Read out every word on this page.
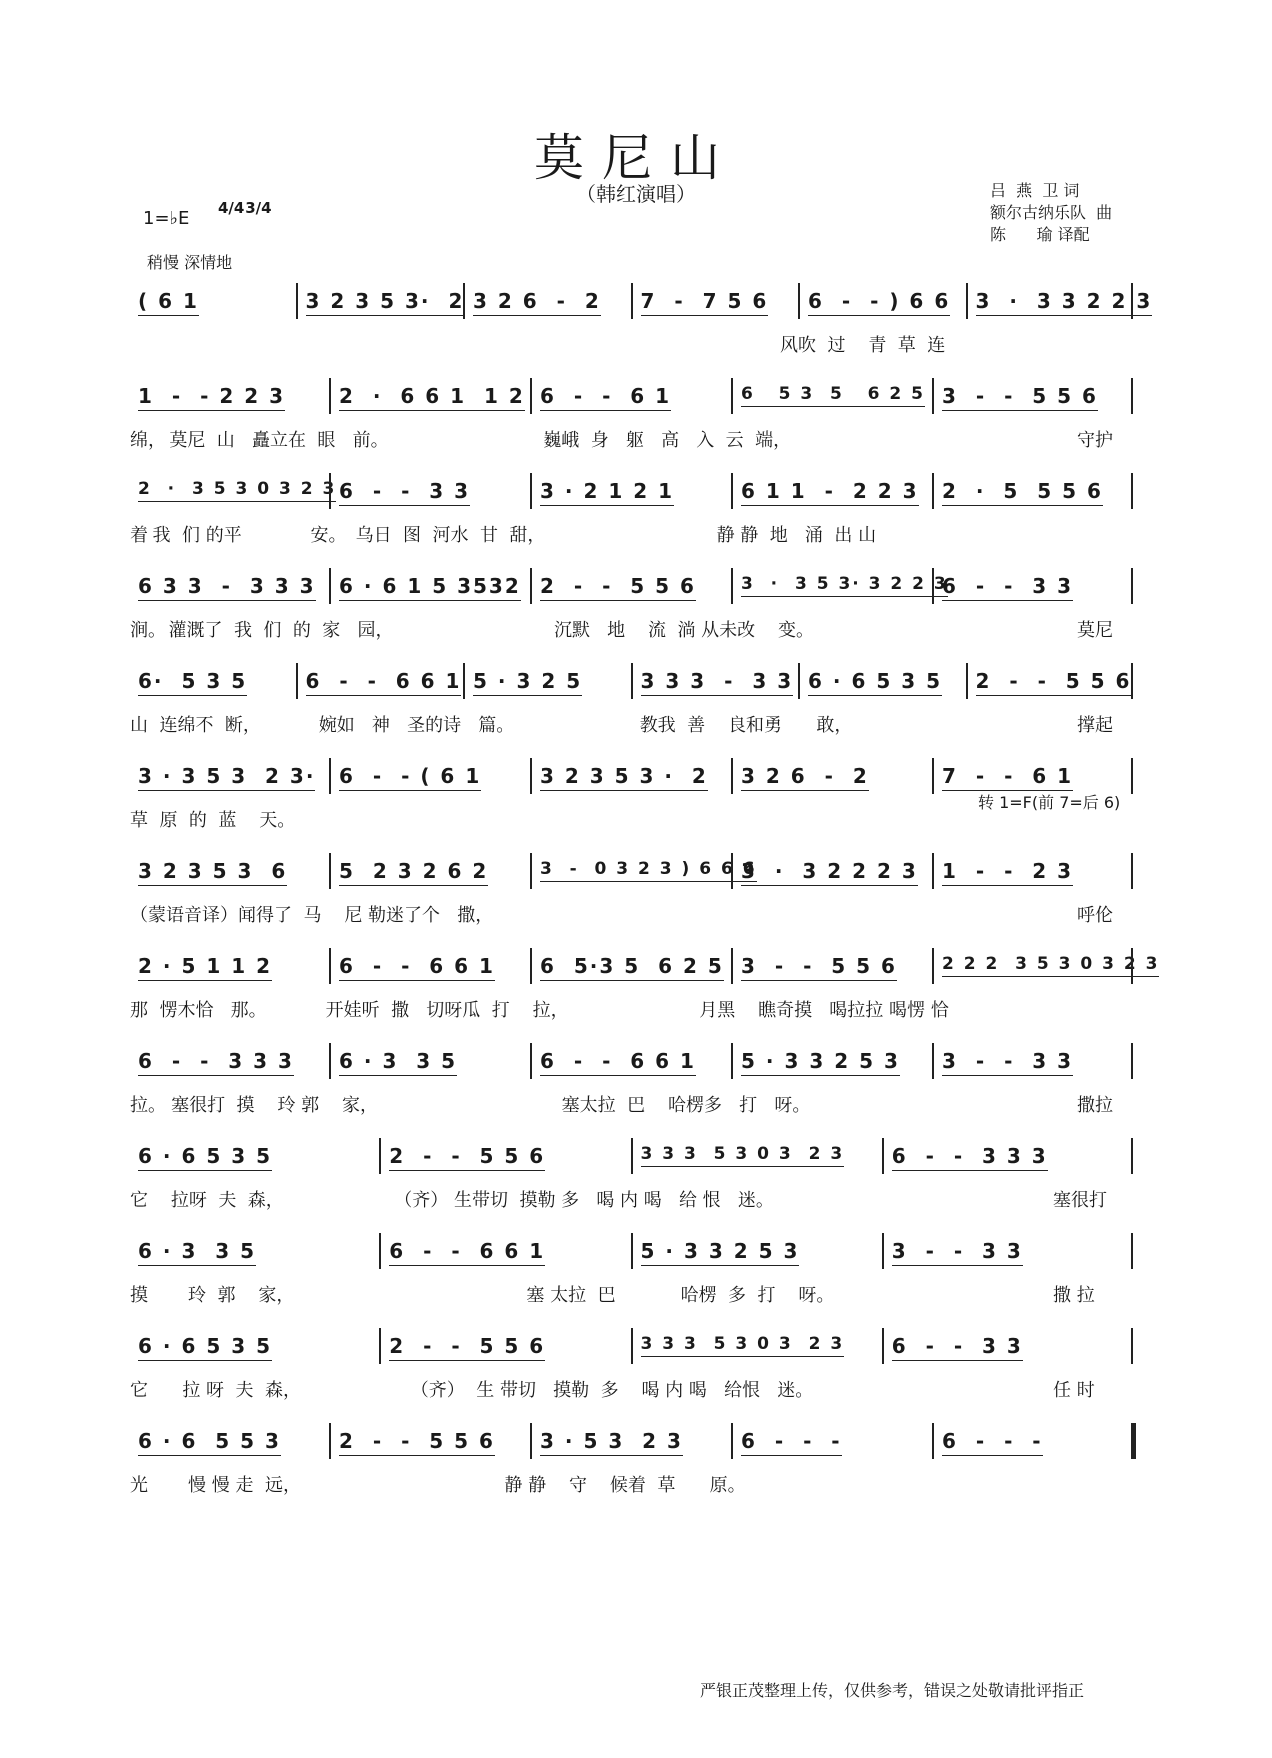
莫尼山
（韩红演唱）
1=♭E 4/4 3/4
稍慢 深情地
吕  燕  卫 词
额尔古纳乐队  曲
陈      瑜 译配
( 6 1	3 2 3 5 3·  2 3 2 6  -  2 7  -  7 5 6 6  -  - ) 6 6 3  ·  3 3 2 2 3
风吹  过    青  草  连
1  -  - 2 2 3	2  ·  6 6 1  1 2 6  -  -  6 1	6   5 3  5   6 2 5 3  -  -  5 5 6
绵， 莫尼  山   矗立在  眼   前。	巍峨  身   躯   高   入  云  端，	守护
2  ·  3 5 3 0 3 2 3 6  -  -  3 3	3 · 2 1 2 1	6 1 1  -  2 2 3 2  ·  5  5 5 6
着 我  们 的平	安。 乌日  图  河水  甘  甜，	静 静  地   涌  出 山
6 3 3  -  3 3 3 6 · 6 1 5 3532 2  -  -  5 5 6	3  ·  3 5 3· 3 2 2 3
6  -  -  3 3
涧。 灌溉了  我  们  的  家   园，	沉默   地    流  淌 从未改    变。	莫尼
6·  5 3 5	6  -  -  6 6 1 5 · 3 2 5	3 3 3  -  3 3 6 · 6 5 3 5 2  -  -  5 5 6
山  连绵不  断，	婉如   神   圣的诗   篇。	教我  善    良和勇      敢，	撑起
3 · 3 5 3  2 3· 6  -  - ( 6 1	3 2 3 5 3 ·  2 3 2 6  -  2	7  -  -  6 1
草  原  的  蓝    天。
3 2 3 5 3  6	5  2 3 2 6 2	3  -  0 3 2 3 ) 6 6 6
3  ·  3 2 2 2 3 1  -  -  2 3
（蒙语音译）闻得了  马    尼 勒迷了个   撒，	呼伦
2 · 5 1 1 2	6  -  -  6 6 1 6  5·3 5  6 2 5 3  -  -  5 5 6	2 2 2  3 5 3 0 3 2 3
那  愣木恰   那。	开娃听  撒   切呀瓜  打    拉，	月黑    瞧奇摸   喝拉拉 喝愣 恰
6  -  -  3 3 3 6 · 3  3 5	6  -  -  6 6 1 5 · 3 3 2 5 3 3  -  -  3 3
拉。 塞很打  摸    玲 郭    家，	塞太拉  巴    哈楞多   打   呀。	撒拉
6 · 6 5 3 5	2  -  -  5 5 6	3 3 3  5 3 0 3  2 3 6  -  -  3 3 3
它    拉呀  夫  森，	（齐） 生带切  摸勒 多   喝 内 喝   给 恨   迷。	塞很打
6 · 3  3 5	6  -  -  6 6 1	5 · 3 3 2 5 3	3  -  -  3 3
摸       玲  郭    家，	塞 太拉  巴	哈楞  多  打    呀。	撒 拉
6 · 6 5 3 5	2  -  -  5 5 6	3 3 3  5 3 0 3  2 3 6  -  -  3 3
它      拉 呀  夫  森，	（齐）  生 带切   摸勒  多    喝 内 喝   给恨   迷。	任 时
6 · 6  5 5 3	2  -  -  5 5 6 3 · 5 3  2 3	6  -  -  -	6  -  -  -
光       慢 慢 走  远，	静 静    守    候着  草      原。
转 1=F(前 7=后 6)
严银正茂整理上传，仅供参考，错误之处敬请批评指正
